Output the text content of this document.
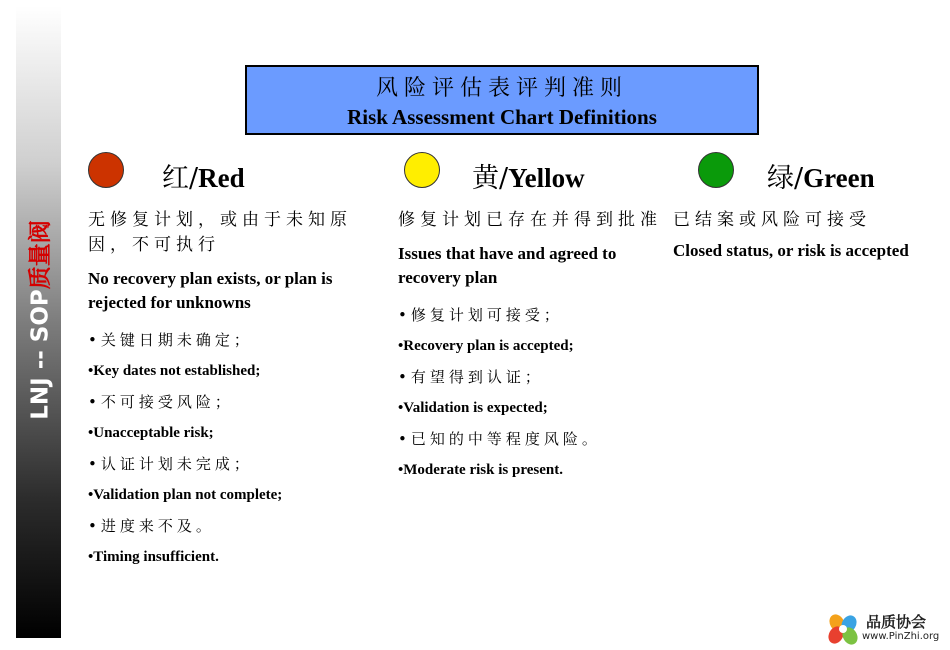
LNJ -- SOP质量阀
风险评估表评判准则
Risk Assessment Chart Definitions
红/Red

无修复计划，或由于未知原因，不可执行

No recovery plan exists, or plan is rejected for unknowns
•关键日期未确定；
•Key dates not established;
•不可接受风险；
•Unacceptable risk;
•认证计划未完成；
•Validation plan not complete;
•进度来不及。
•Timing insufficient.
黄/Yellow

修复计划已存在并得到批准

Issues that have and agreed to recovery plan
•修复计划可接受；
•Recovery plan is accepted;
•有望得到认证；
•Validation is expected;
•已知的中等程度风险。
•Moderate risk is present.
绿/Green

已结案或风险可接受

Closed status, or risk is accepted
品质协会
www.PinZhi.org
